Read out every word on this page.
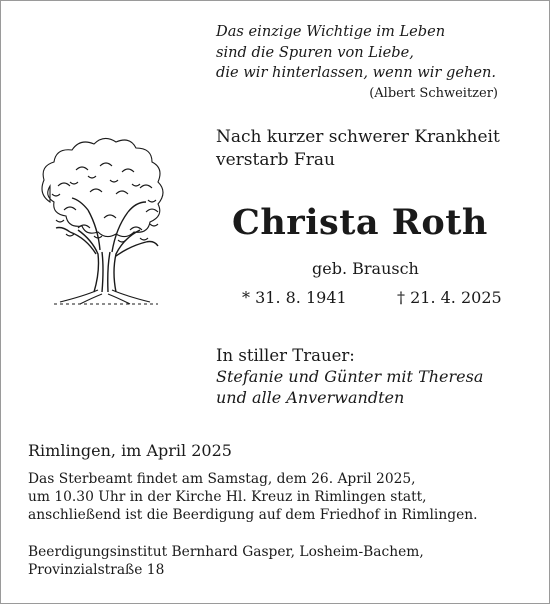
Das einzige Wichtige im Leben
sind die Spuren von Liebe,
die wir hinterlassen, wenn wir gehen.
(Albert Schweitzer)
Nach kurzer schwerer Krankheit
verstarb Frau
Christa Roth
geb. Brausch
* 31. 8. 1941	† 21. 4. 2025
In stiller Trauer:
Stefanie und Günter mit Theresa
und alle Anverwandten
Rimlingen, im April 2025
Das Sterbeamt findet am Samstag, dem 26. April 2025,
um 10.30 Uhr in der Kirche Hl. Kreuz in Rimlingen statt,
anschließend ist die Beerdigung auf dem Friedhof in Rimlingen.
Beerdigungsinstitut Bernhard Gasper, Losheim-Bachem,
Provinzialstraße 18
